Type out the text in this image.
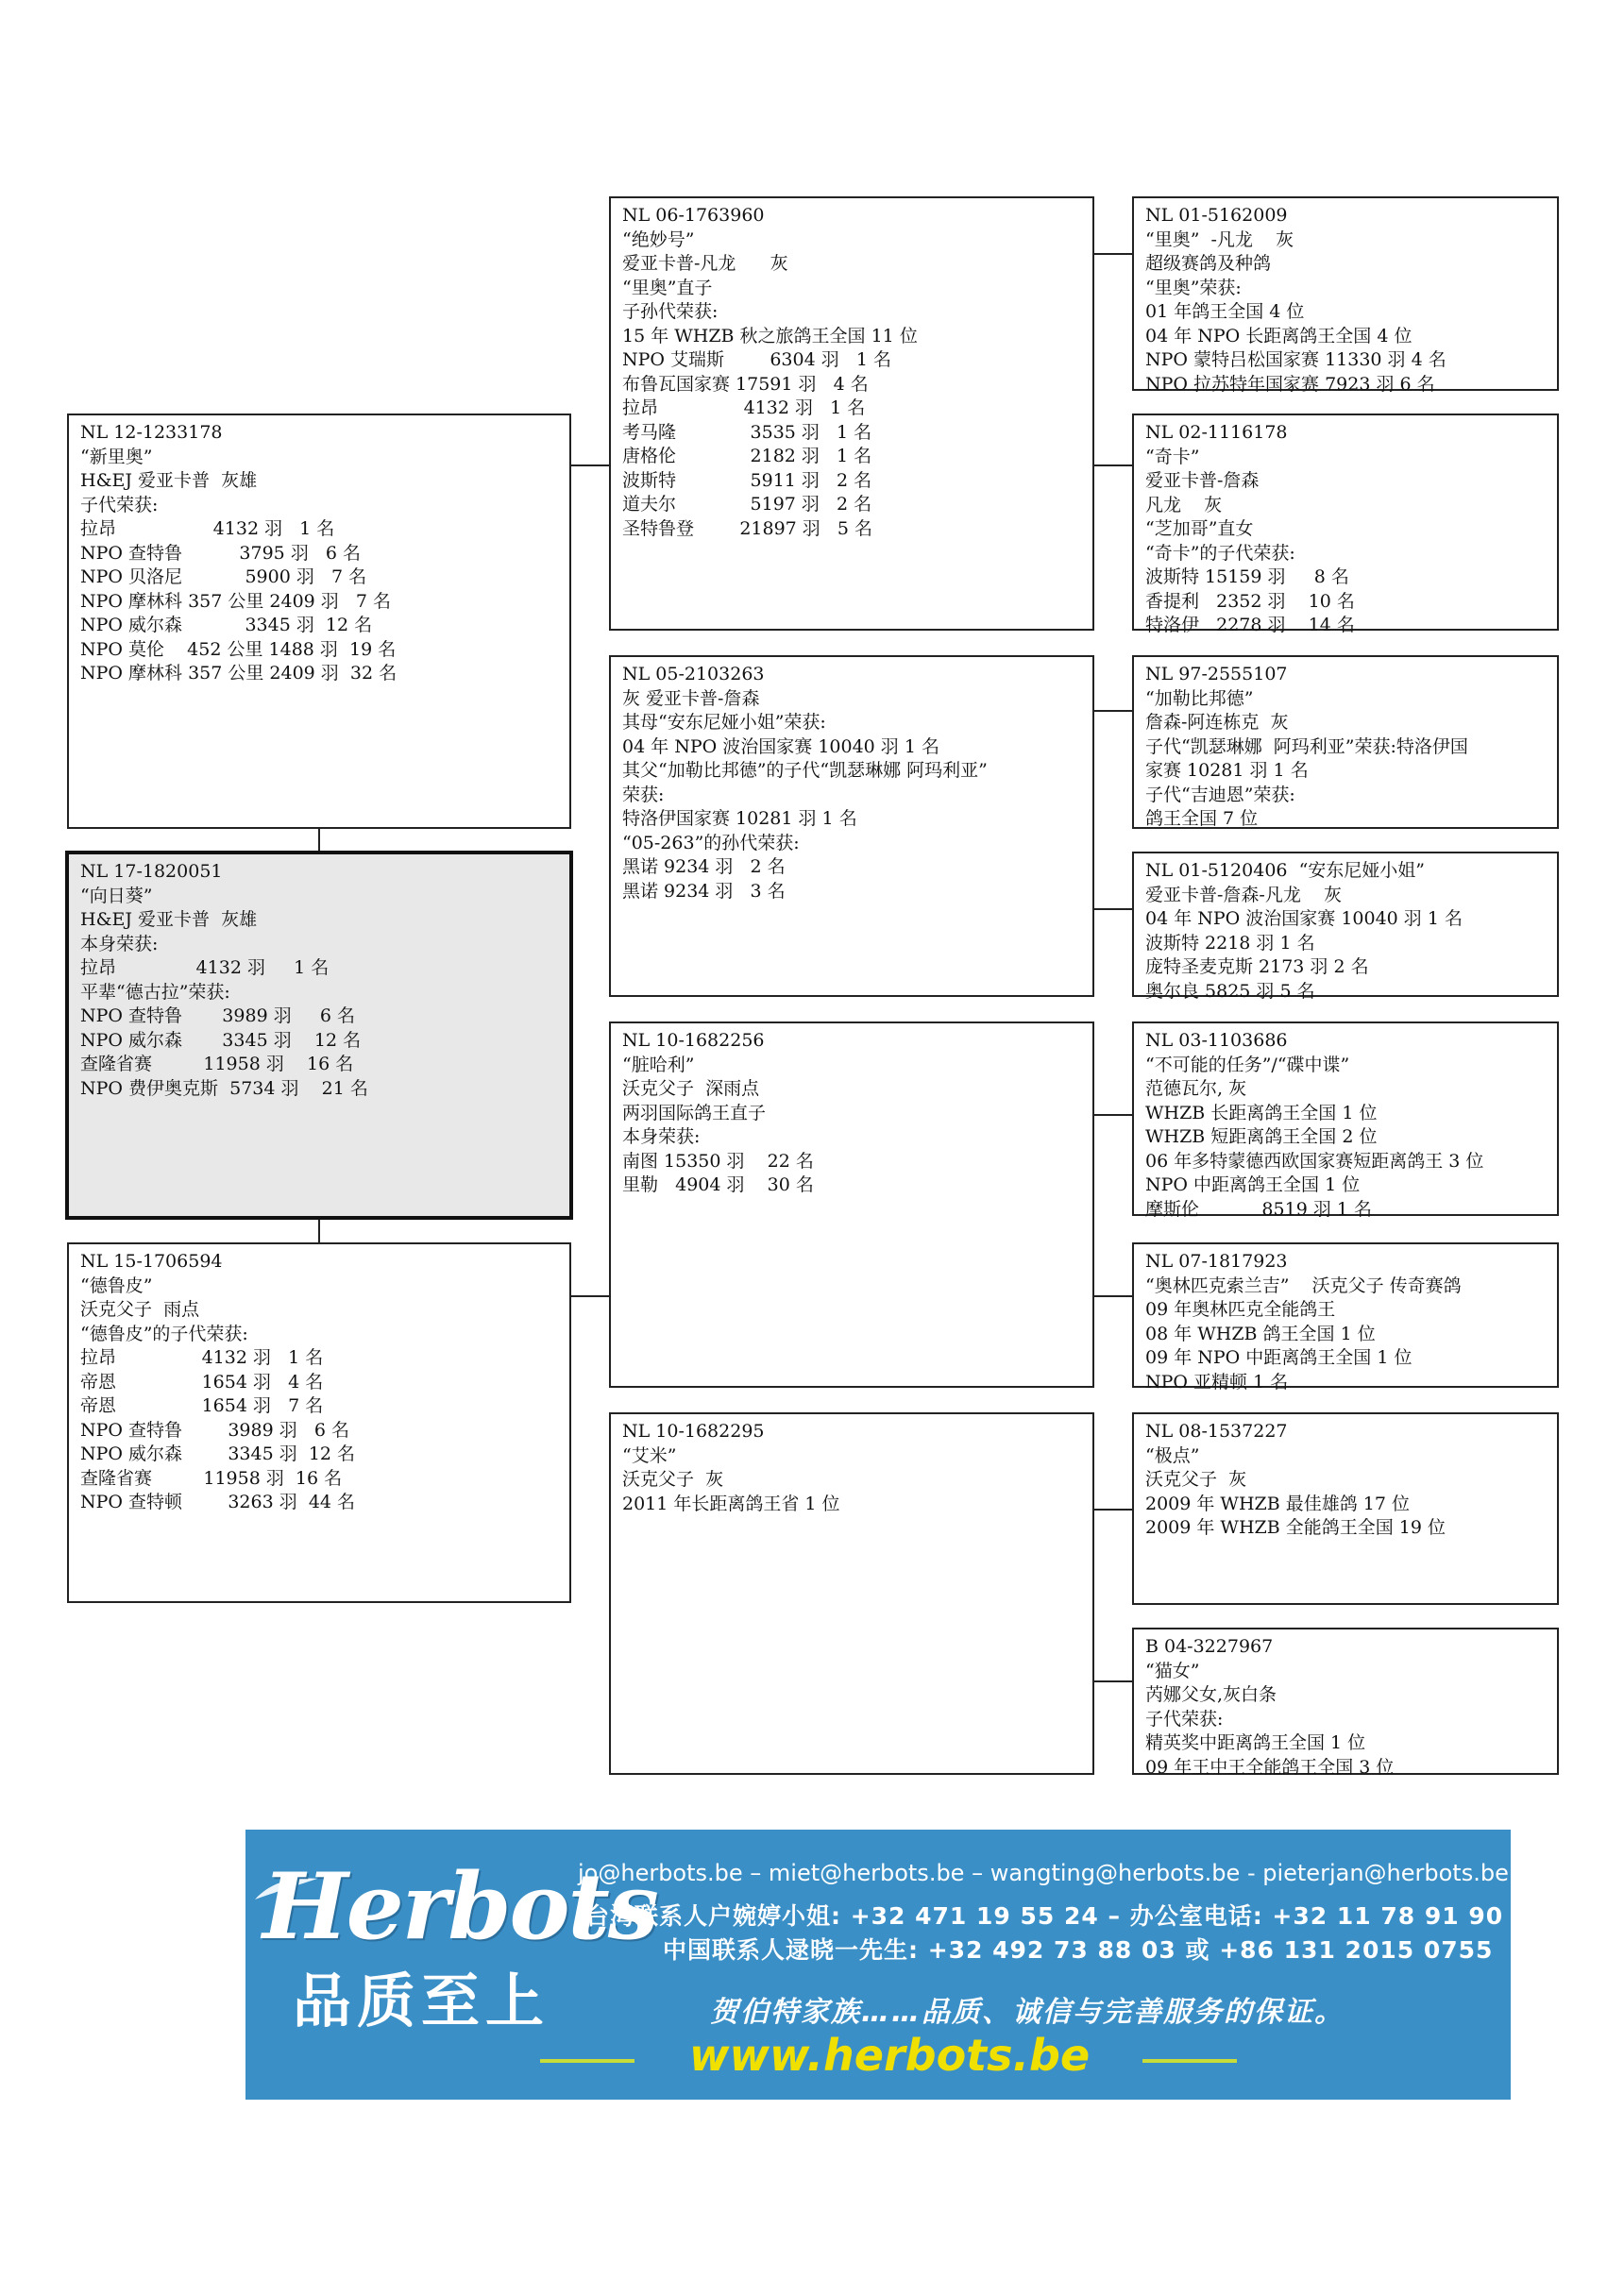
NL 12-1233178
“新里奥”
H&EJ 爱亚卡普  灰雄
子代荣获:
拉昂                 4132 羽   1 名
NPO 查特鲁          3795 羽   6 名
NPO 贝洛尼           5900 羽   7 名
NPO 摩林科 357 公里 2409 羽   7 名
NPO 威尔森           3345 羽  12 名
NPO 莫伦    452 公里 1488 羽  19 名
NPO 摩林科 357 公里 2409 羽  32 名
NL 17-1820051
“向日葵”
H&EJ 爱亚卡普  灰雄
本身荣获:
拉昂              4132 羽     1 名
平辈“德古拉”荣获:
NPO 查特鲁       3989 羽     6 名
NPO 威尔森       3345 羽    12 名
查隆省赛         11958 羽    16 名
NPO 费伊奥克斯  5734 羽    21 名
NL 15-1706594
“德鲁皮”
沃克父子  雨点
“德鲁皮”的子代荣获:
拉昂               4132 羽   1 名
帝恩               1654 羽   4 名
帝恩               1654 羽   7 名
NPO 查特鲁        3989 羽   6 名
NPO 威尔森        3345 羽  12 名
查隆省赛         11958 羽  16 名
NPO 查特顿        3263 羽  44 名
NL 06-1763960
“绝妙号”
爱亚卡普-凡龙      灰
“里奥”直子
子孙代荣获:
15 年 WHZB 秋之旅鸽王全国 11 位
NPO 艾瑞斯        6304 羽   1 名
布鲁瓦国家赛 17591 羽   4 名
拉昂               4132 羽   1 名
考马隆             3535 羽   1 名
唐格伦             2182 羽   1 名
波斯特             5911 羽   2 名
道夫尔             5197 羽   2 名
圣特鲁登        21897 羽   5 名
NL 05-2103263
灰 爱亚卡普-詹森
其母“安东尼娅小姐”荣获:
04 年 NPO 波治国家赛 10040 羽 1 名
其父“加勒比邦德”的子代“凯瑟琳娜 阿玛利亚”
荣获:
特洛伊国家赛 10281 羽 1 名
“05-263”的孙代荣获:
黑诺 9234 羽   2 名
黑诺 9234 羽   3 名
NL 10-1682256
“脏哈利”
沃克父子  深雨点
两羽国际鸽王直子
本身荣获:
南图 15350 羽    22 名
里勒   4904 羽    30 名
NL 10-1682295
“艾米”
沃克父子  灰
2011 年长距离鸽王省 1 位
NL 01-5162009
“里奥”  -凡龙    灰
超级赛鸽及种鸽
“里奥”荣获:
01 年鸽王全国 4 位
04 年 NPO 长距离鸽王全国 4 位
NPO 蒙特吕松国家赛 11330 羽 4 名
NPO 拉苏特年国家赛 7923 羽 6 名
NL 02-1116178
“奇卡”
爱亚卡普-詹森
凡龙    灰
“芝加哥”直女
“奇卡”的子代荣获:
波斯特 15159 羽     8 名
香提利   2352 羽    10 名
特洛伊   2278 羽    14 名
NL 97-2555107
“加勒比邦德”
詹森-阿连栋克  灰
子代“凯瑟琳娜  阿玛利亚”荣获:特洛伊国
家赛 10281 羽 1 名
子代“吉迪恩”荣获:
鸽王全国 7 位
NL 01-5120406  “安东尼娅小姐”
爱亚卡普-詹森-凡龙    灰
04 年 NPO 波治国家赛 10040 羽 1 名
波斯特 2218 羽 1 名
庞特圣麦克斯 2173 羽 2 名
奥尔良 5825 羽 5 名
NL 03-1103686
“不可能的任务”/“碟中谍”
范德瓦尔, 灰
WHZB 长距离鸽王全国 1 位
WHZB 短距离鸽王全国 2 位
06 年多特蒙德西欧国家赛短距离鸽王 3 位
NPO 中距离鸽王全国 1 位
摩斯伦           8519 羽 1 名
NL 07-1817923
“奥林匹克索兰吉”    沃克父子 传奇赛鸽
09 年奥林匹克全能鸽王
08 年 WHZB 鸽王全国 1 位
09 年 NPO 中距离鸽王全国 1 位
NPO 亚精顿 1 名
NL 08-1537227
“极点”
沃克父子  灰
2009 年 WHZB 最佳雄鸽 17 位
2009 年 WHZB 全能鸽王全国 19 位
B 04-3227967
“猫女”
芮娜父女,灰白条
子代荣获:
精英奖中距离鸽王全国 1 位
09 年王中王全能鸽王全国 3 位
Herbots
品质至上
jo@herbots.be – miet@herbots.be – wangting@herbots.be - pieterjan@herbots.be
台湾联系人户婉婷小姐: +32 471 19 55 24 – 办公室电话: +32 11 78 91 90
中国联系人逯晓一先生: +32 492 73 88 03 或 +86 131 2015 0755
贺伯特家族……品质、诚信与完善服务的保证。
www.herbots.be
